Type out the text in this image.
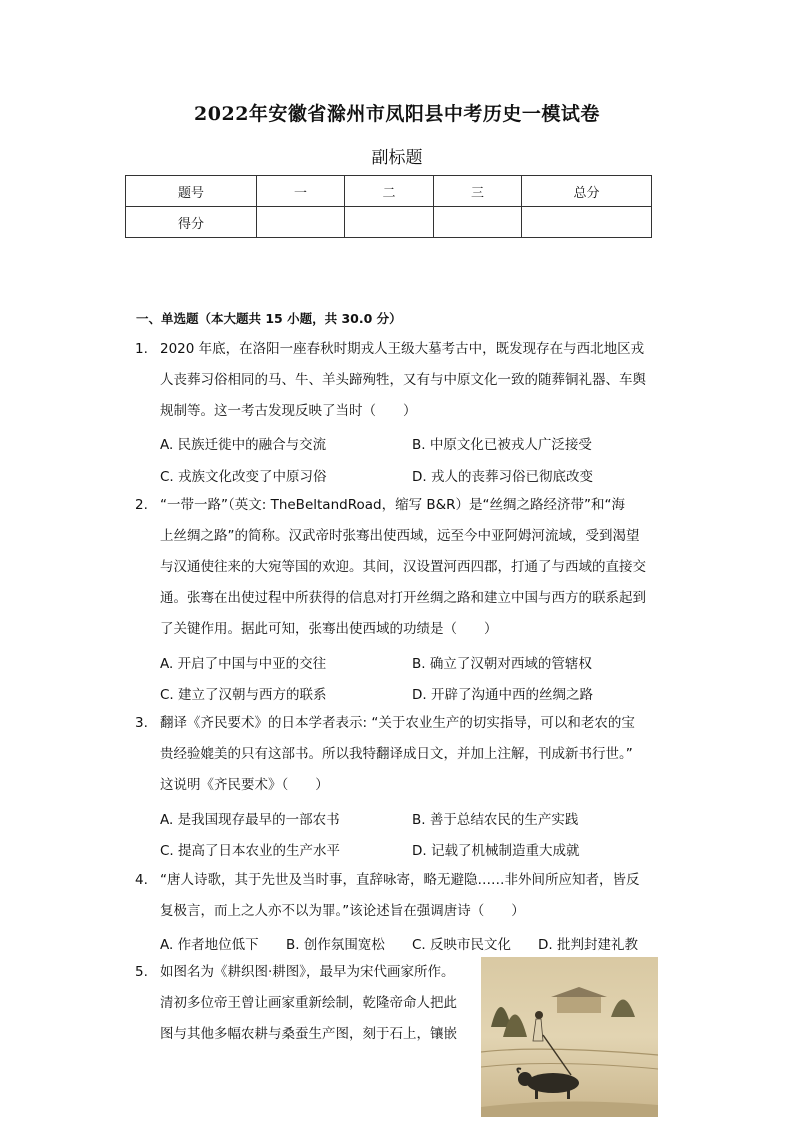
2022年安徽省滁州市凤阳县中考历史一模试卷
副标题
题号	一	二	三	总分
得分				
一、单选题（本大题共 15 小题，共 30.0 分）
1. 2020 年底，在洛阳一座春秋时期戎人王级大墓考古中，既发现存在与西北地区戎
人丧葬习俗相同的马、牛、羊头蹄殉牲，又有与中原文化一致的随葬铜礼器、车舆
规制等。这一考古发现反映了当时（　　）
A. 民族迁徙中的融合与交流	B. 中原文化已被戎人广泛接受
C. 戎族文化改变了中原习俗	D. 戎人的丧葬习俗已彻底改变
2. “一带一路”（英文: TheBeltandRoad，缩写 B&R）是“丝绸之路经济带”和“海
上丝绸之路”的简称。汉武帝时张骞出使西域，远至今中亚阿姆河流域，受到渴望
与汉通使往来的大宛等国的欢迎。其间，汉设置河西四郡，打通了与西域的直接交
通。张骞在出使过程中所获得的信息对打开丝绸之路和建立中国与西方的联系起到
了关键作用。据此可知，张骞出使西域的功绩是（　　）
A. 开启了中国与中亚的交往	B. 确立了汉朝对西域的管辖权
C. 建立了汉朝与西方的联系	D. 开辟了沟通中西的丝绸之路
3. 翻译《齐民要术》的日本学者表示: “关于农业生产的切实指导，可以和老农的宝
贵经验媲美的只有这部书。所以我特翻译成日文，并加上注解，刊成新书行世。”
这说明《齐民要术》（　　）
A. 是我国现存最早的一部农书	B. 善于总结农民的生产实践
C. 提高了日本农业的生产水平	D. 记载了机械制造重大成就
4. “唐人诗歌，其于先世及当时事，直辞咏寄，略无避隐……非外间所应知者，皆反
复极言，而上之人亦不以为罪。”该论述旨在强调唐诗（　　）
A. 作者地位低下 B. 创作氛围宽松 C. 反映市民文化 D. 批判封建礼教
5. 如图名为《耕织图·耕图》，最早为宋代画家所作。
清初多位帝王曾让画家重新绘制，乾隆帝命人把此
图与其他多幅农耕与桑蚕生产图，刻于石上，镶嵌
